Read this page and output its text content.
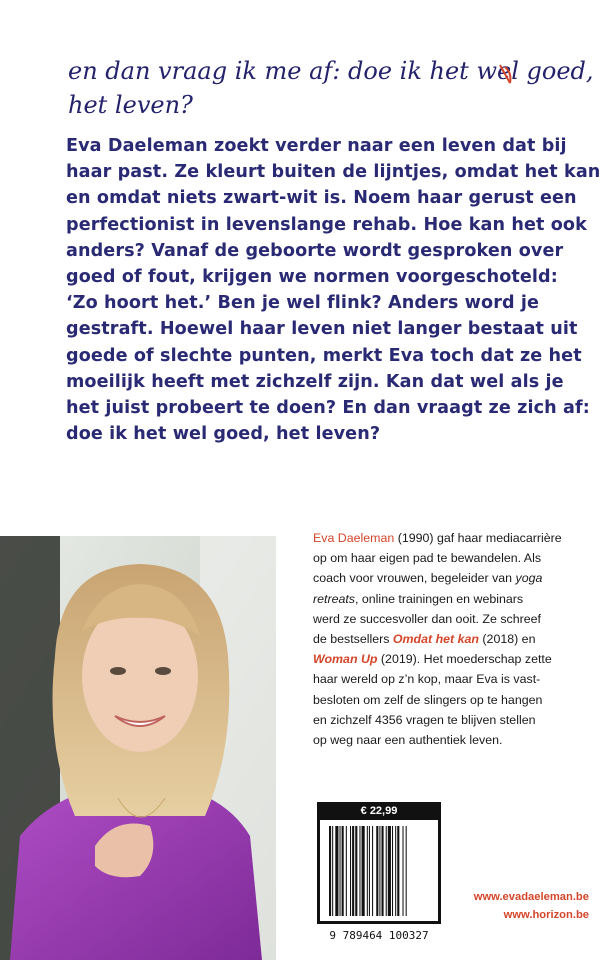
en dan vraag ik me af: doe ik het wel goed,
het leven?
Eva Daeleman zoekt verder naar een leven dat bij
haar past. Ze kleurt buiten de lijntjes, omdat het kan
en omdat niets zwart-wit is. Noem haar gerust een
perfectionist in levenslange rehab. Hoe kan het ook
anders? Vanaf de geboorte wordt gesproken over
goed of fout, krijgen we normen voorgeschoteld:
‘Zo hoort het.’ Ben je wel flink? Anders word je
gestraft. Hoewel haar leven niet langer bestaat uit
goede of slechte punten, merkt Eva toch dat ze het
moeilijk heeft met zichzelf zijn. Kan dat wel als je
het juist probeert te doen? En dan vraagt ze zich af:
doe ik het wel goed, het leven?
Eva Daeleman (1990) gaf haar mediacarrière
op om haar eigen pad te bewandelen. Als
coach voor vrouwen, begeleider van yoga
retreats, online trainingen en webinars
werd ze succesvoller dan ooit. Ze schreef
de bestsellers Omdat het kan (2018) en
Woman Up (2019). Het moederschap zette
haar wereld op z’n kop, maar Eva is vast-
besloten om zelf de slingers op te hangen
en zichzelf 4356 vragen te blijven stellen
op weg naar een authentiek leven.
€ 22,99
9 789464 100327
www.evadaeleman.be
www.horizon.be
